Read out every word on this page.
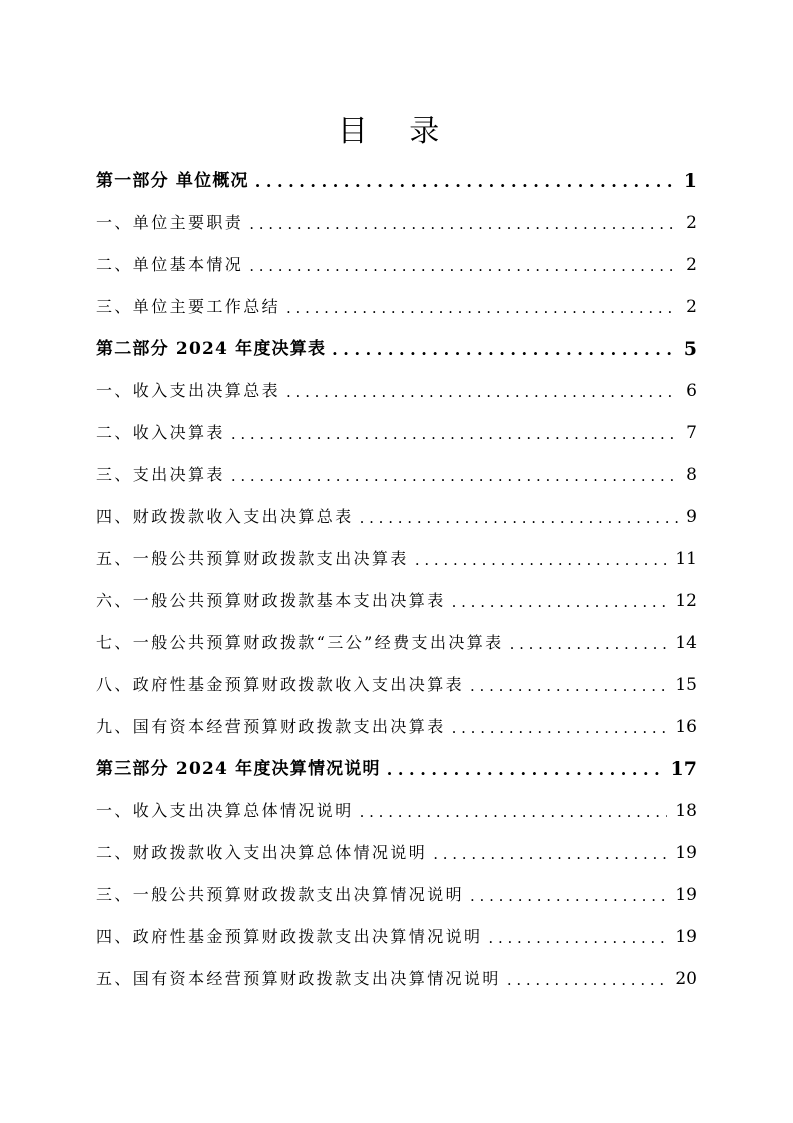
目 录
第一部分 单位概况 . . .	1
一、单位主要职责 . . .	2
二、单位基本情况 . . .	2
三、单位主要工作总结 . . .	2
第二部分 2024 年度决算表 . . .	5
一、收入支出决算总表 . . .	6
二、收入决算表 . . .	7
三、支出决算表 . . .	8
四、财政拨款收入支出决算总表 . . .	9
五、一般公共预算财政拨款支出决算表 . . .	11
六、一般公共预算财政拨款基本支出决算表 . . .	12
七、一般公共预算财政拨款“三公”经费支出决算表 . . .	14
八、政府性基金预算财政拨款收入支出决算表 . . .	15
九、国有资本经营预算财政拨款支出决算表 . . .	16
第三部分 2024 年度决算情况说明 . . .	17
一、收入支出决算总体情况说明 . . .	18
二、财政拨款收入支出决算总体情况说明 . . .	19
三、一般公共预算财政拨款支出决算情况说明 . . .	19
四、政府性基金预算财政拨款支出决算情况说明 . . .	19
五、国有资本经营预算财政拨款支出决算情况说明 . . .	20
